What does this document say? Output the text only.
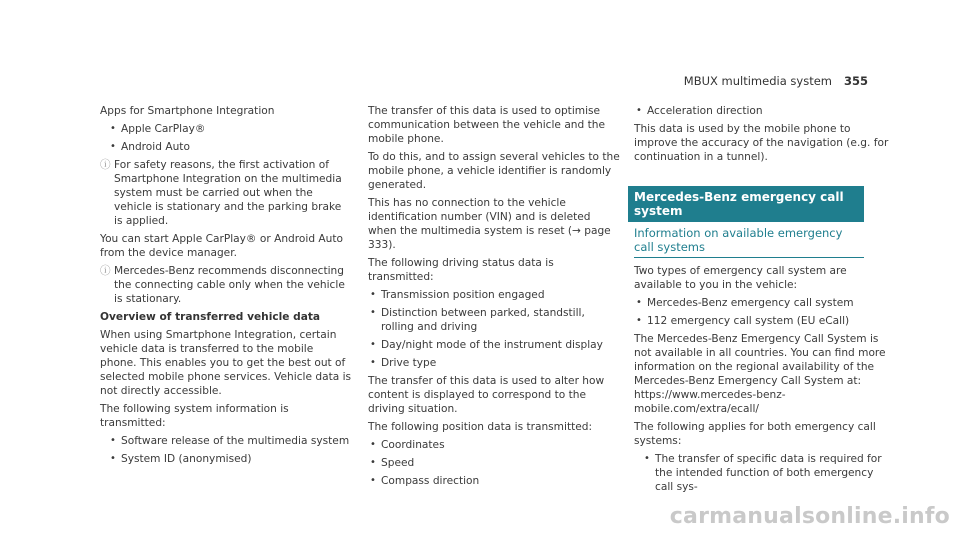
MBUX multimedia system 355

Apps for Smartphone Integration

• Apple CarPlay®
• Android Auto
ⓘ For safety reasons, the first activation of Smartphone Integration on the multimedia system must be carried out when the vehicle is stationary and the parking brake is applied.

You can start Apple CarPlay® or Android Auto from the device manager.

ⓘ Mercedes-Benz recommends disconnecting the connecting cable only when the vehicle is stationary.

Overview of transferred vehicle data

When using Smartphone Integration, certain vehicle data is transferred to the mobile phone. This enables you to get the best out of selected mobile phone services. Vehicle data is not directly accessible.

The following system information is transmitted:

• Software release of the multimedia system
• System ID (anonymised)

The transfer of this data is used to optimise communication between the vehicle and the mobile phone.

To do this, and to assign several vehicles to the mobile phone, a vehicle identifier is randomly generated.

This has no connection to the vehicle identification number (VIN) and is deleted when the multimedia system is reset (→ page 333).

The following driving status data is transmitted:

• Transmission position engaged
• Distinction between parked, standstill, rolling and driving
• Day/night mode of the instrument display
• Drive type

The transfer of this data is used to alter how content is displayed to correspond to the driving situation.

The following position data is transmitted:

• Coordinates
• Speed
• Compass direction
• Acceleration direction

This data is used by the mobile phone to improve the accuracy of the navigation (e.g. for continuation in a tunnel).

Mercedes-Benz emergency call system
Information on available emergency call systems

Two types of emergency call system are available to you in the vehicle:

• Mercedes-Benz emergency call system
• 112 emergency call system (EU eCall)

The Mercedes-Benz Emergency Call System is not available in all countries. You can find more information on the regional availability of the Mercedes-Benz Emergency Call System at: https://www.mercedes-benz-mobile.com/extra/ecall/

The following applies for both emergency call systems:

• The transfer of specific data is required for the intended function of both emergency call sys-
carmanualsonline.info
